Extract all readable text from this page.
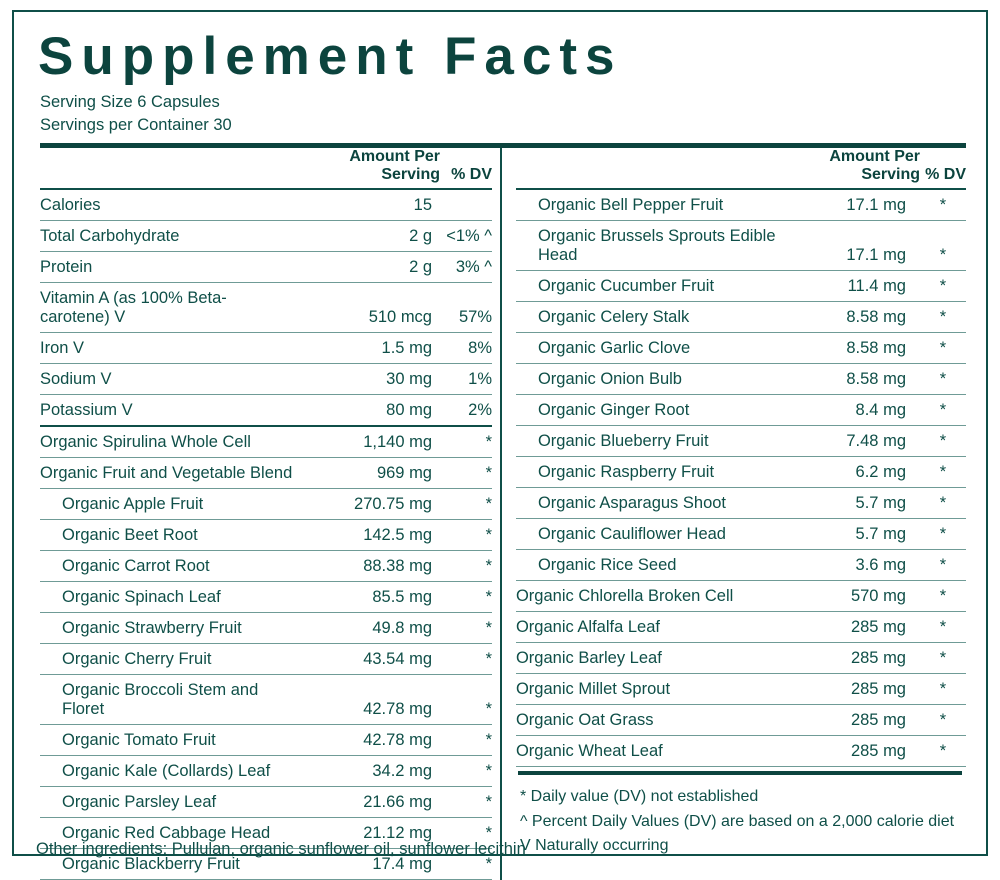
Supplement Facts
Serving Size 6 Capsules
Servings per Container 30
	Amount Per Serving	% DV
Calories	15	
Total Carbohydrate	2 g	<1% ^
Protein	2 g	3% ^
Vitamin A (as 100% Beta-carotene) V	510 mcg	57%
Iron V	1.5 mg	8%
Sodium V	30 mg	1%
Potassium V	80 mg	2%
Organic Spirulina Whole Cell	1,140 mg	*
Organic Fruit and Vegetable Blend	969 mg	*
Organic Apple Fruit	270.75 mg	*
Organic Beet Root	142.5 mg	*
Organic Carrot Root	88.38 mg	*
Organic Spinach Leaf	85.5 mg	*
Organic Strawberry Fruit	49.8 mg	*
Organic Cherry Fruit	43.54 mg	*
Organic Broccoli Stem and Floret	42.78 mg	*
Organic Tomato Fruit	42.78 mg	*
Organic Kale (Collards) Leaf	34.2 mg	*
Organic Parsley Leaf	21.66 mg	*
Organic Red Cabbage Head	21.12 mg	*
Organic Blackberry Fruit	17.4 mg	*
	Amount Per Serving	% DV
Organic Bell Pepper Fruit	17.1 mg	*
Organic Brussels Sprouts Edible Head	17.1 mg	*
Organic Cucumber Fruit	11.4 mg	*
Organic Celery Stalk	8.58 mg	*
Organic Garlic Clove	8.58 mg	*
Organic Onion Bulb	8.58 mg	*
Organic Ginger Root	8.4 mg	*
Organic Blueberry Fruit	7.48 mg	*
Organic Raspberry Fruit	6.2 mg	*
Organic Asparagus Shoot	5.7 mg	*
Organic Cauliflower Head	5.7 mg	*
Organic Rice Seed	3.6 mg	*
Organic Chlorella Broken Cell	570 mg	*
Organic Alfalfa Leaf	285 mg	*
Organic Barley Leaf	285 mg	*
Organic Millet Sprout	285 mg	*
Organic Oat Grass	285 mg	*
Organic Wheat Leaf	285 mg	*
* Daily value (DV) not established
^ Percent Daily Values (DV) are based on a 2,000 calorie diet
V Naturally occurring
Other ingredients: Pullulan, organic sunflower oil, sunflower lecithin
